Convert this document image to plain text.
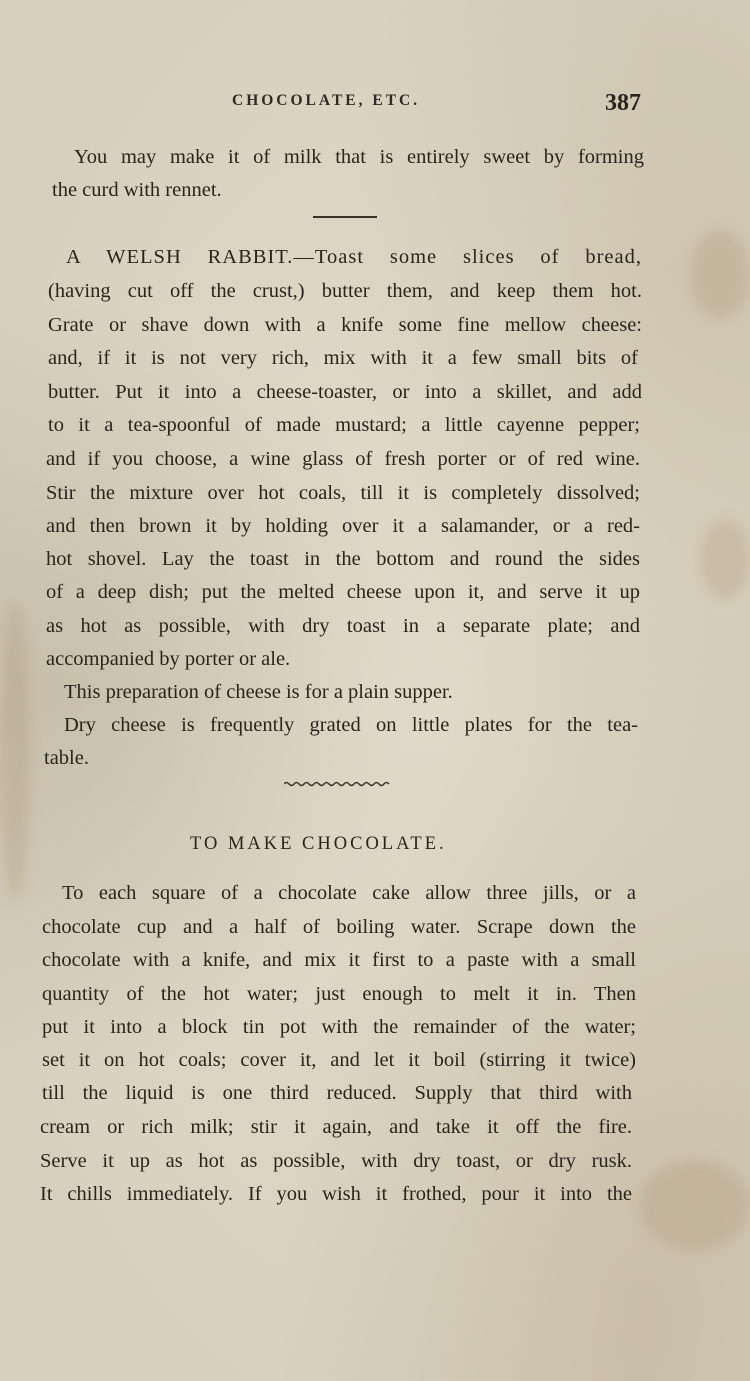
CHOCOLATE, ETC.	387
You may make it of milk that is entirely sweet by forming
the curd with rennet.
A WELSH RABBIT.—Toast some slices of bread,
(having cut off the crust,) butter them, and keep them hot.
Grate or shave down with a knife some fine mellow cheese:
and, if it is not very rich, mix with it a few small bits of
butter. Put it into a cheese-toaster, or into a skillet, and add
to it a tea-spoonful of made mustard; a little cayenne pepper;
and if you choose, a wine glass of fresh porter or of red wine.
Stir the mixture over hot coals, till it is completely dissolved;
and then brown it by holding over it a salamander, or a red-
hot shovel. Lay the toast in the bottom and round the sides
of a deep dish; put the melted cheese upon it, and serve it up
as hot as possible, with dry toast in a separate plate; and
accompanied by porter or ale.
This preparation of cheese is for a plain supper.
Dry cheese is frequently grated on little plates for the tea-
table.
TO MAKE CHOCOLATE.
To each square of a chocolate cake allow three jills, or a
chocolate cup and a half of boiling water. Scrape down the
chocolate with a knife, and mix it first to a paste with a small
quantity of the hot water; just enough to melt it in. Then
put it into a block tin pot with the remainder of the water;
set it on hot coals; cover it, and let it boil (stirring it twice)
till the liquid is one third reduced. Supply that third with
cream or rich milk; stir it again, and take it off the fire.
Serve it up as hot as possible, with dry toast, or dry rusk.
It chills immediately. If you wish it frothed, pour it into the
